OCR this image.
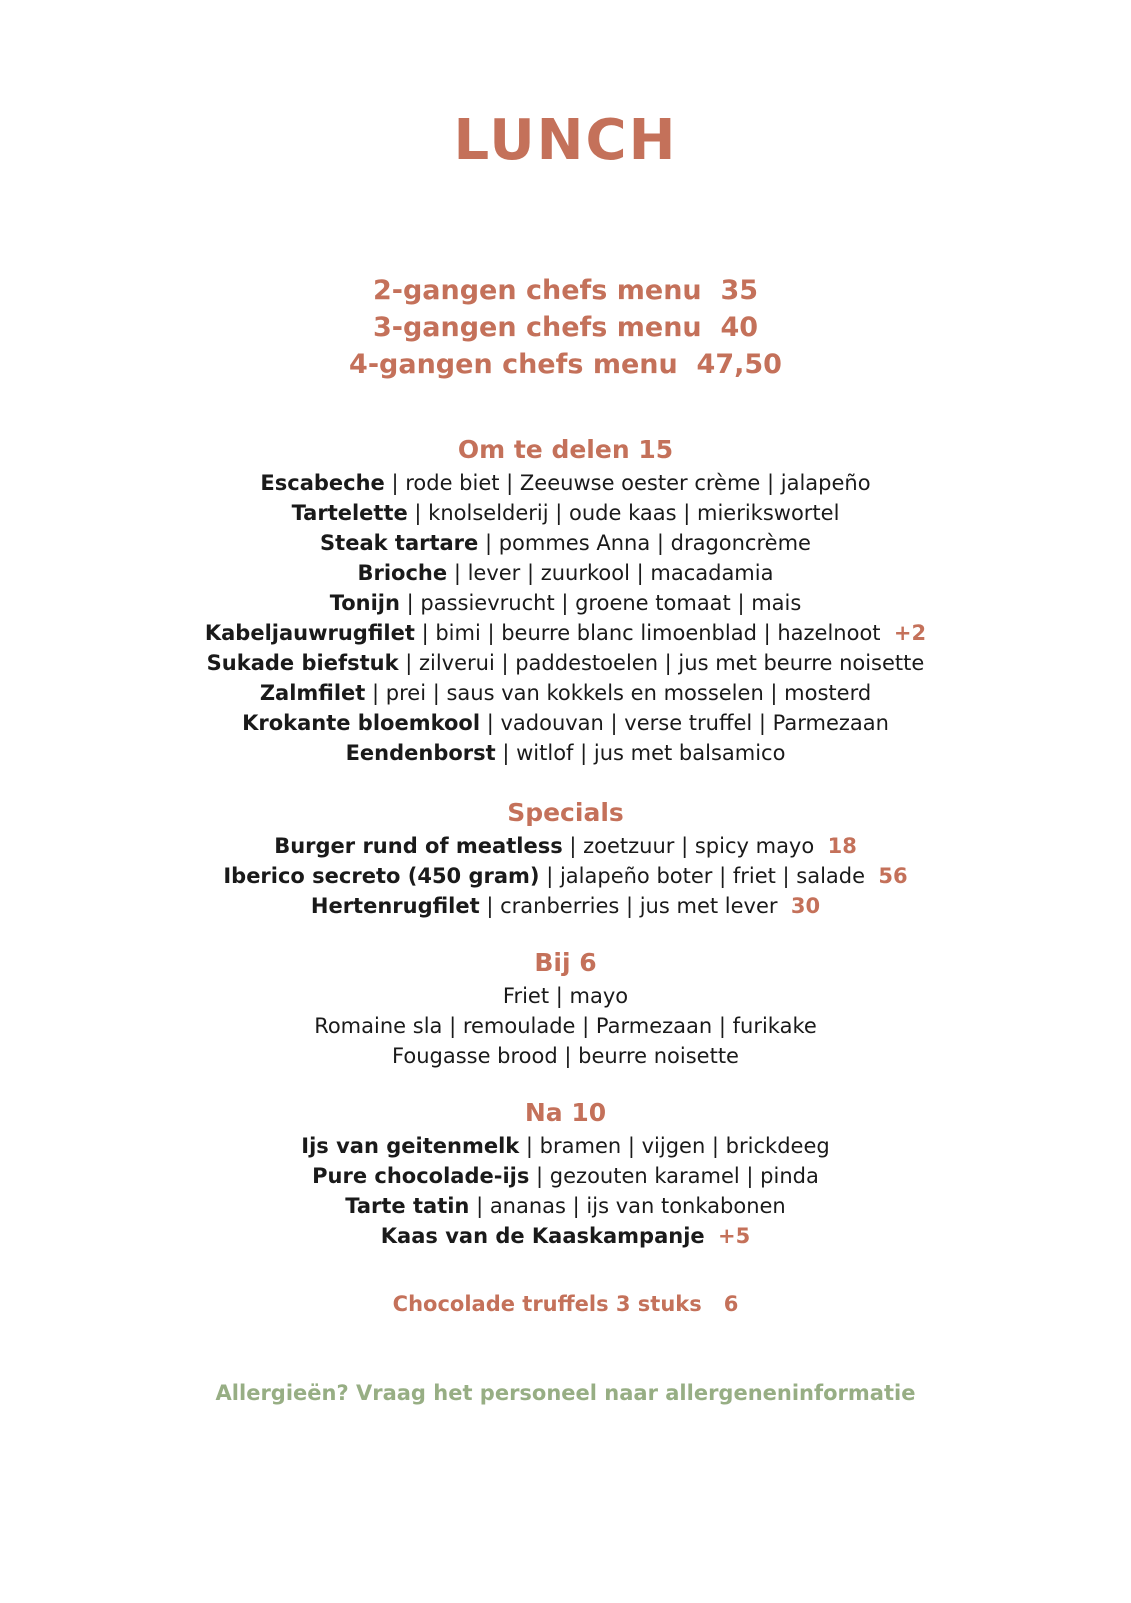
LUNCH
2-gangen chefs menu 35
3-gangen chefs menu 40
4-gangen chefs menu 47,50
Om te delen 15
Escabeche | rode biet | Zeeuwse oester crème | jalapeño
Tartelette | knolselderij | oude kaas | mierikswortel
Steak tartare | pommes Anna | dragoncrème
Brioche | lever | zuurkool | macadamia
Tonijn | passievrucht | groene tomaat | mais
Kabeljauwrugfilet | bimi | beurre blanc limoenblad | hazelnoot +2
Sukade biefstuk | zilverui | paddestoelen | jus met beurre noisette
Zalmfilet | prei | saus van kokkels en mosselen | mosterd
Krokante bloemkool | vadouvan | verse truffel | Parmezaan
Eendenborst | witlof | jus met balsamico
Specials
Burger rund of meatless | zoetzuur | spicy mayo 18
Iberico secreto (450 gram) | jalapeño boter | friet | salade 56
Hertenrugfilet | cranberries | jus met lever 30
Bij 6
Friet | mayo
Romaine sla | remoulade | Parmezaan | furikake
Fougasse brood | beurre noisette
Na 10
Ijs van geitenmelk | bramen | vijgen | brickdeeg
Pure chocolade-ijs | gezouten karamel | pinda
Tarte tatin | ananas | ijs van tonkabonen
Kaas van de Kaaskampanje +5
Chocolade truffels 3 stuks 6
Allergieën? Vraag het personeel naar allergeneninformatie
